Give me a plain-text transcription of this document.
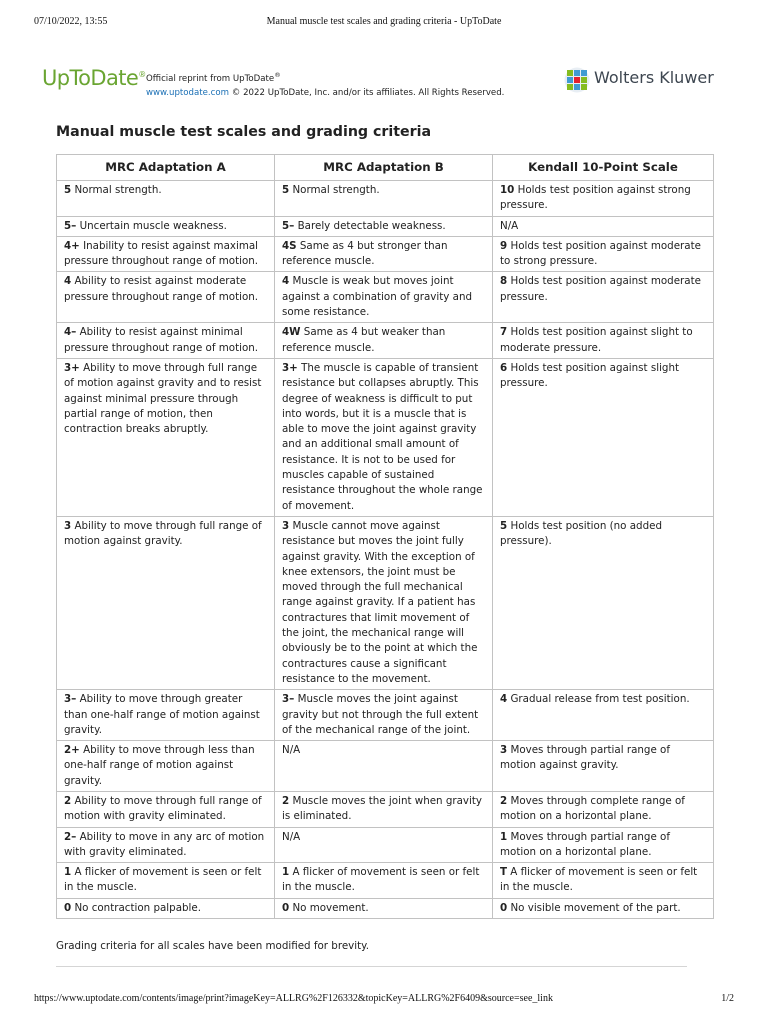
07/10/2022, 13:55	Manual muscle test scales and grading criteria - UpToDate
UpToDate® Official reprint from UpToDate®
www.uptodate.com © 2022 UpToDate, Inc. and/or its affiliates. All Rights Reserved.
Wolters Kluwer
Manual muscle test scales and grading criteria
MRC Adaptation A	MRC Adaptation B	Kendall 10-Point Scale
5 Normal strength.	5 Normal strength.	10 Holds test position against strong pressure.
5– Uncertain muscle weakness.	5– Barely detectable weakness.	N/A
4+ Inability to resist against maximal pressure throughout range of motion.	4S Same as 4 but stronger than reference muscle.	9 Holds test position against moderate to strong pressure.
4 Ability to resist against moderate pressure throughout range of motion.	4 Muscle is weak but moves joint against a combination of gravity and some resistance.	8 Holds test position against moderate pressure.
4– Ability to resist against minimal pressure throughout range of motion.	4W Same as 4 but weaker than reference muscle.	7 Holds test position against slight to moderate pressure.
3+ Ability to move through full range of motion against gravity and to resist against minimal pressure through partial range of motion, then contraction breaks abruptly.	3+ The muscle is capable of transient resistance but collapses abruptly. This degree of weakness is difficult to put into words, but it is a muscle that is able to move the joint against gravity and an additional small amount of resistance. It is not to be used for muscles capable of sustained resistance throughout the whole range of movement.	6 Holds test position against slight pressure.
3 Ability to move through full range of motion against gravity.	3 Muscle cannot move against resistance but moves the joint fully against gravity. With the exception of knee extensors, the joint must be moved through the full mechanical range against gravity. If a patient has contractures that limit movement of the joint, the mechanical range will obviously be to the point at which the contractures cause a significant resistance to the movement.	5 Holds test position (no added pressure).
3– Ability to move through greater than one-half range of motion against gravity.	3– Muscle moves the joint against gravity but not through the full extent of the mechanical range of the joint.	4 Gradual release from test position.
2+ Ability to move through less than one-half range of motion against gravity.	N/A	3 Moves through partial range of motion against gravity.
2 Ability to move through full range of motion with gravity eliminated.	2 Muscle moves the joint when gravity is eliminated.	2 Moves through complete range of motion on a horizontal plane.
2– Ability to move in any arc of motion with gravity eliminated.	N/A	1 Moves through partial range of motion on a horizontal plane.
1 A flicker of movement is seen or felt in the muscle.	1 A flicker of movement is seen or felt in the muscle.	T A flicker of movement is seen or felt in the muscle.
0 No contraction palpable.	0 No movement.	0 No visible movement of the part.

Grading criteria for all scales have been modified for brevity.

https://www.uptodate.com/contents/image/print?imageKey=ALLRG%2F126332&topicKey=ALLRG%2F6409&source=see_link	1/2
